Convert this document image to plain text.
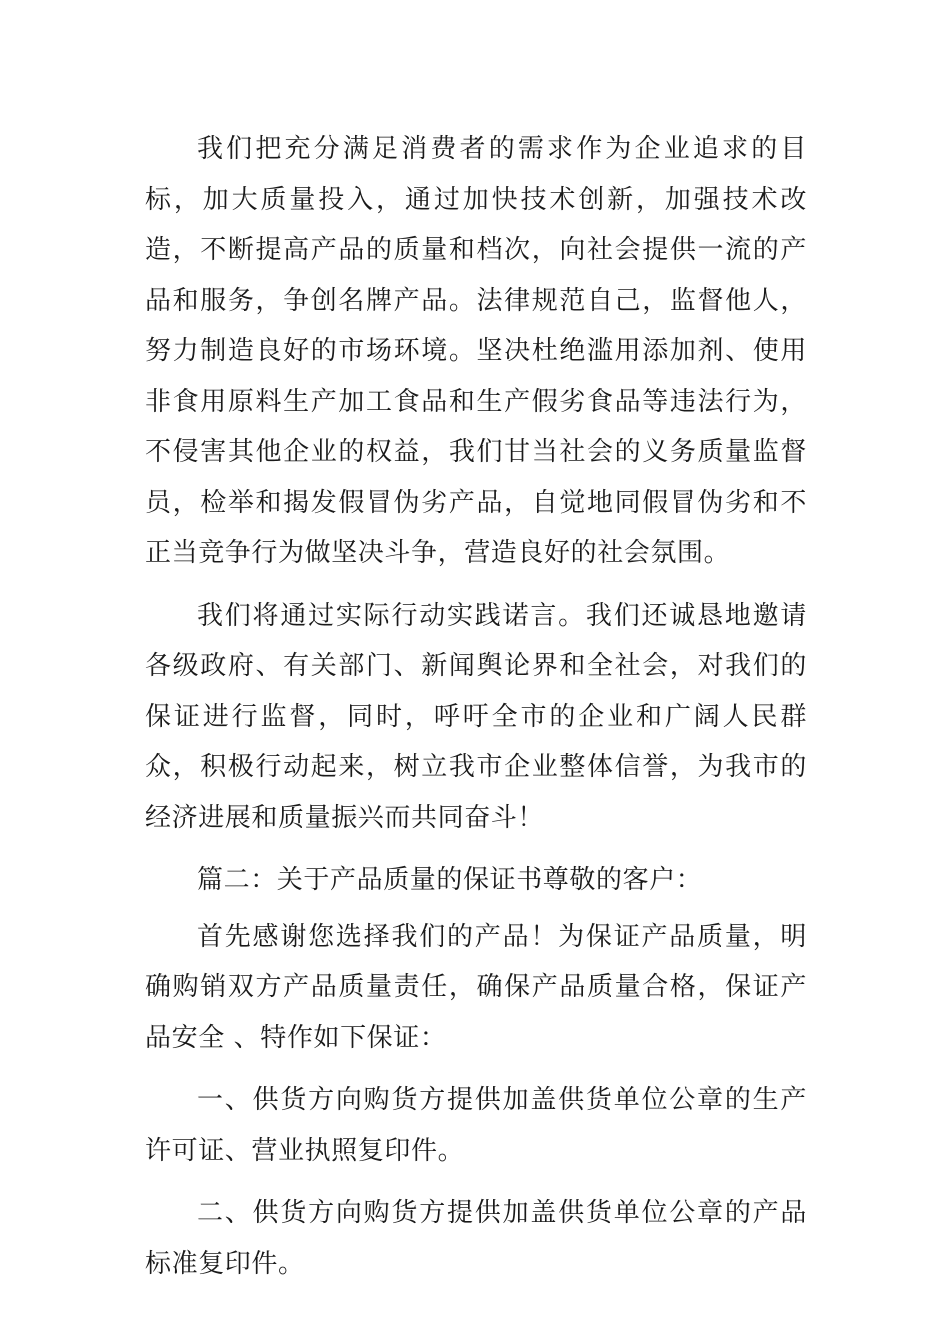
我们把充分满足消费者的需求作为企业追求的目标，加大质量投入，通过加快技术创新，加强技术改造，不断提高产品的质量和档次，向社会提供一流的产品和服务，争创名牌产品。法律规范自己，监督他人，努力制造良好的市场环境。坚决杜绝滥用添加剂、使用非食用原料生产加工食品和生产假劣食品等违法行为，不侵害其他企业的权益，我们甘当社会的义务质量监督员，检举和揭发假冒伪劣产品，自觉地同假冒伪劣和不正当竞争行为做坚决斗争，营造良好的社会氛围。

我们将通过实际行动实践诺言。我们还诚恳地邀请各级政府、有关部门、新闻舆论界和全社会，对我们的保证进行监督，同时，呼吁全市的企业和广阔人民群众，积极行动起来，树立我市企业整体信誉，为我市的经济进展和质量振兴而共同奋斗！

篇二：关于产品质量的保证书尊敬的客户：

首先感谢您选择我们的产品！为保证产品质量，明确购销双方产品质量责任，确保产品质量合格，保证产品安全 、特作如下保证：

一、供货方向购货方提供加盖供货单位公章的生产许可证、营业执照复印件。

二、供货方向购货方提供加盖供货单位公章的产品标准复印件。
